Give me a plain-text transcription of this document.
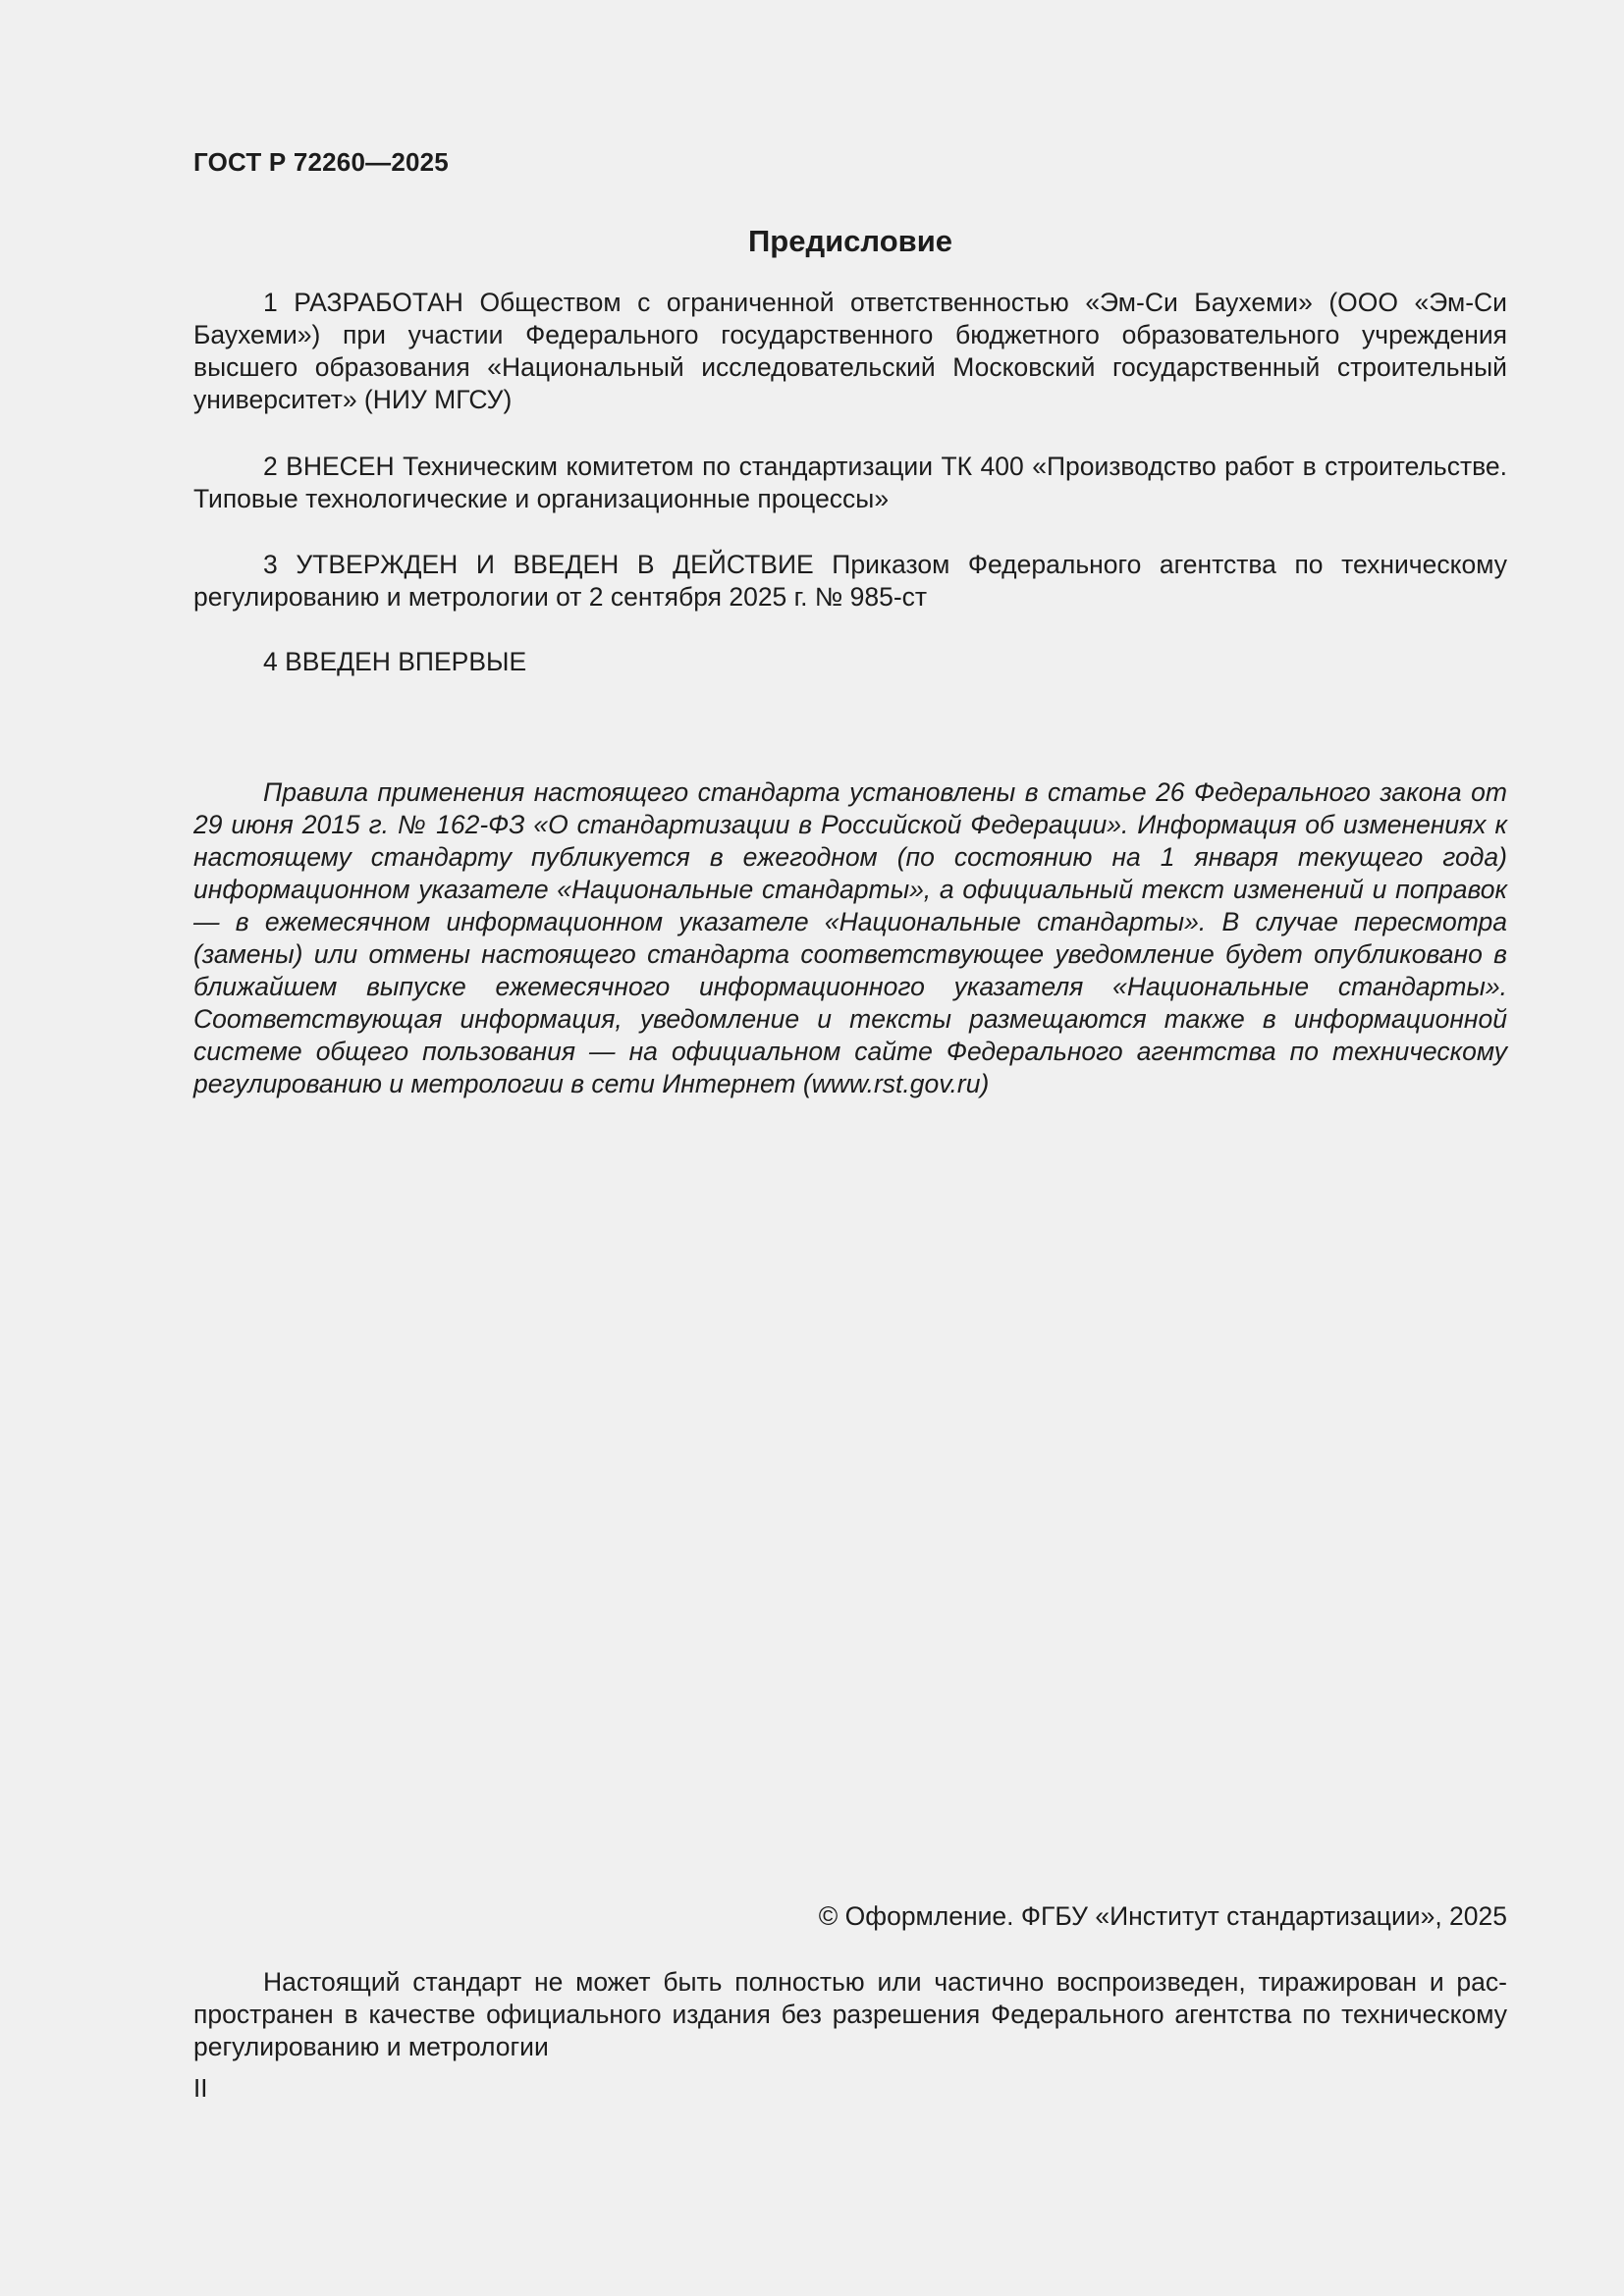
ГОСТ Р 72260—2025
Предисловие

1 РАЗРАБОТАН Обществом с ограниченной ответственностью «Эм-Си Баухеми» (ООО «Эм-Си Баухеми») при участии Федерального государственного бюджетного образовательного учреждения высшего образования «Национальный исследовательский Московский государственный строительный университет» (НИУ МГСУ)

2 ВНЕСЕН Техническим комитетом по стандартизации ТК 400 «Производство работ в строительстве. Типовые технологические и организационные процессы»

3 УТВЕРЖДЕН И ВВЕДЕН В ДЕЙСТВИЕ Приказом Федерального агентства по техническому регулированию и метрологии от 2 сентября 2025 г. № 985-ст

4 ВВЕДЕН ВПЕРВЫЕ

Правила применения настоящего стандарта установлены в статье 26 Федерального закона от 29 июня 2015 г. № 162-ФЗ «О стандартизации в Российской Федерации». Информация об изменениях к настоящему стандарту публикуется в ежегодном (по состоянию на 1 января текущего года) информационном указателе «Национальные стандарты», а официальный текст изменений и поправок — в ежемесячном информационном указателе «Национальные стандарты». В случае пересмотра (замены) или отмены настоящего стандарта соответствующее уведомление будет опубликовано в ближайшем выпуске ежемесячного информационного указателя «Национальные стандарты». Соответствующая информация, уведомление и тексты размещаются также в информационной системе общего пользования — на официальном сайте Федерального агентства по техническому регулированию и метрологии в сети Интернет (www.rst.gov.ru)

© Оформление. ФГБУ «Институт стандартизации», 2025

Настоящий стандарт не может быть полностью или частично воспроизведен, тиражирован и распространен в качестве официального издания без разрешения Федерального агентства по техническому регулированию и метрологии

II
